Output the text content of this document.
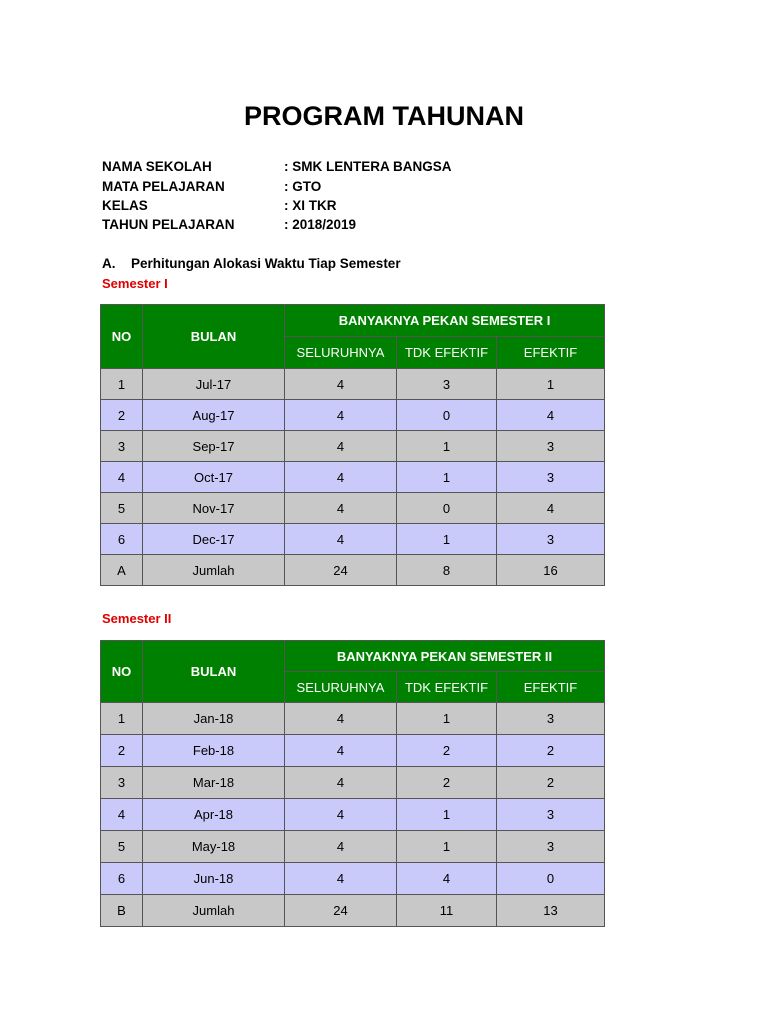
PROGRAM TAHUNAN
NAMA SEKOLAH	: SMK LENTERA BANGSA
MATA PELAJARAN	: GTO
KELAS	: XI TKR
TAHUN PELAJARAN	: 2018/2019
A. Perhitungan Alokasi Waktu Tiap Semester
Semester I
NO	BULAN	BANYAKNYA PEKAN SEMESTER I		
		SELURUHNYA	TDK EFEKTIF	EFEKTIF
1	Jul-17	4	3	1
2	Aug-17	4	0	4
3	Sep-17	4	1	3
4	Oct-17	4	1	3
5	Nov-17	4	0	4
6	Dec-17	4	1	3
A	Jumlah	24	8	16
Semester II
NO	BULAN	BANYAKNYA PEKAN SEMESTER II		
		SELURUHNYA	TDK EFEKTIF	EFEKTIF
1	Jan-18	4	1	3
2	Feb-18	4	2	2
3	Mar-18	4	2	2
4	Apr-18	4	1	3
5	May-18	4	1	3
6	Jun-18	4	4	0
B	Jumlah	24	11	13
